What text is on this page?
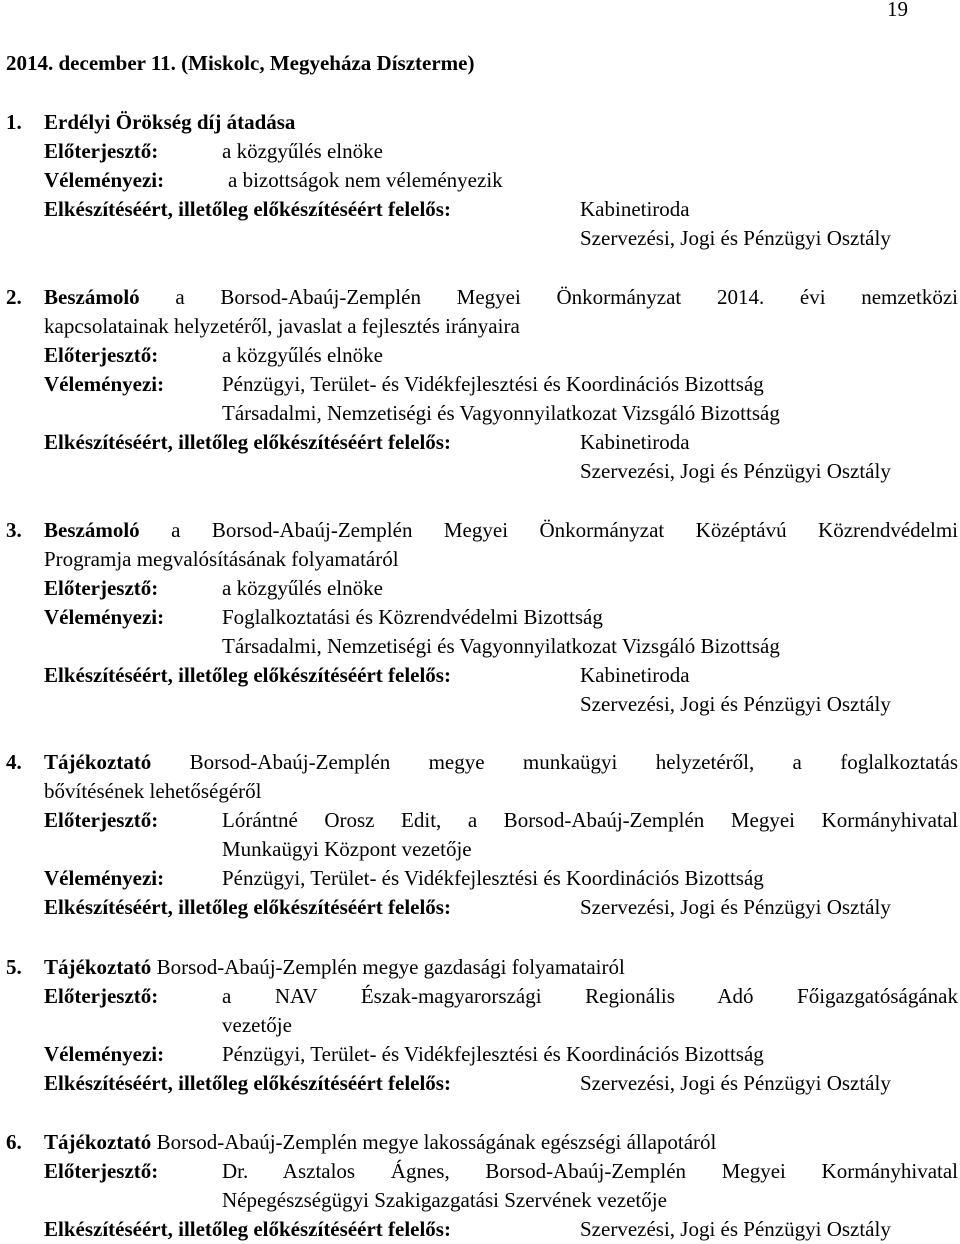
19
2014. december 11. (Miskolc, Megyeháza Díszterme)
1. Erdélyi Örökség díj átadása
Előterjesztő:	a közgyűlés elnöke
Véleményezi:	a bizottságok nem véleményezik
Elkészítéséért, illetőleg előkészítéséért felelős:	Kabinetiroda
Szervezési, Jogi és Pénzügyi Osztály
2. Beszámoló a Borsod-Abaúj-Zemplén Megyei Önkormányzat 2014. évi nemzetközi
kapcsolatainak helyzetéről, javaslat a fejlesztés irányaira
Előterjesztő:	a közgyűlés elnöke
Véleményezi:	Pénzügyi, Terület- és Vidékfejlesztési és Koordinációs Bizottság
Társadalmi, Nemzetiségi és Vagyonnyilatkozat Vizsgáló Bizottság
Elkészítéséért, illetőleg előkészítéséért felelős:	Kabinetiroda
Szervezési, Jogi és Pénzügyi Osztály
3. Beszámoló a Borsod-Abaúj-Zemplén Megyei Önkormányzat Középtávú Közrendvédelmi
Programja megvalósításának folyamatáról
Előterjesztő:	a közgyűlés elnöke
Véleményezi:	Foglalkoztatási és Közrendvédelmi Bizottság
Társadalmi, Nemzetiségi és Vagyonnyilatkozat Vizsgáló Bizottság
Elkészítéséért, illetőleg előkészítéséért felelős:	Kabinetiroda
Szervezési, Jogi és Pénzügyi Osztály
4. Tájékoztató Borsod-Abaúj-Zemplén megye munkaügyi helyzetéről, a foglalkoztatás
bővítésének lehetőségéről
Előterjesztő:	Lórántné Orosz Edit, a Borsod-Abaúj-Zemplén Megyei Kormányhivatal
Munkaügyi Központ vezetője
Véleményezi:	Pénzügyi, Terület- és Vidékfejlesztési és Koordinációs Bizottság
Elkészítéséért, illetőleg előkészítéséért felelős:	Szervezési, Jogi és Pénzügyi Osztály
5. Tájékoztató Borsod-Abaúj-Zemplén megye gazdasági folyamatairól
Előterjesztő:	a NAV Észak-magyarországi Regionális Adó Főigazgatóságának
vezetője
Véleményezi:	Pénzügyi, Terület- és Vidékfejlesztési és Koordinációs Bizottság
Elkészítéséért, illetőleg előkészítéséért felelős:	Szervezési, Jogi és Pénzügyi Osztály
6. Tájékoztató Borsod-Abaúj-Zemplén megye lakosságának egészségi állapotáról
Előterjesztő:	Dr. Asztalos Ágnes, Borsod-Abaúj-Zemplén Megyei Kormányhivatal
Népegészségügyi Szakigazgatási Szervének vezetője
Elkészítéséért, illetőleg előkészítéséért felelős:	Szervezési, Jogi és Pénzügyi Osztály
